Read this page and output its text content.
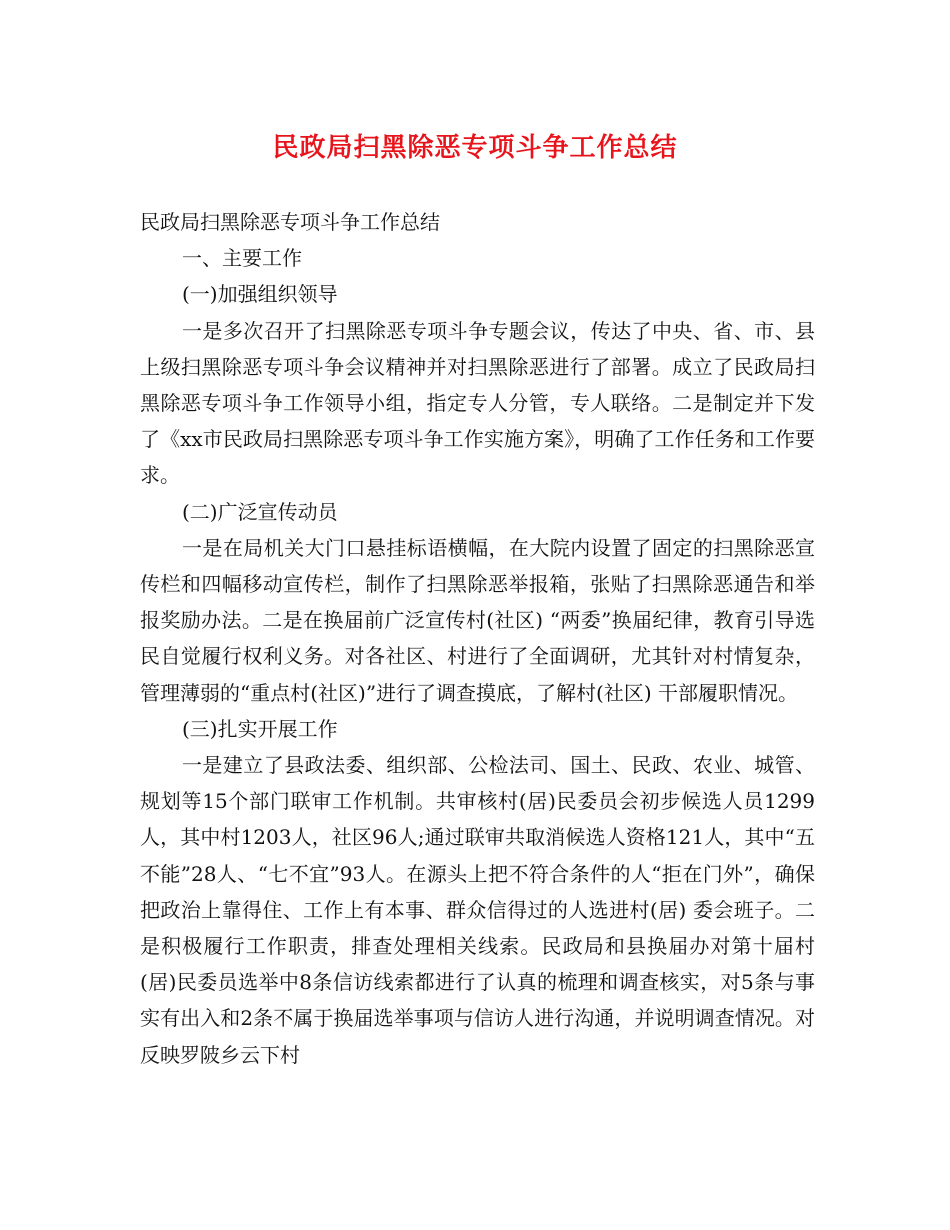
民政局扫黑除恶专项斗争工作总结

民政局扫黑除恶专项斗争工作总结

一、主要工作

(一)加强组织领导

一是多次召开了扫黑除恶专项斗争专题会议，传达了中央、省、市、县上级扫黑除恶专项斗争会议精神并对扫黑除恶进行了部署。成立了民政局扫黑除恶专项斗争工作领导小组，指定专人分管，专人联络。二是制定并下发了《xx市民政局扫黑除恶专项斗争工作实施方案》，明确了工作任务和工作要求。

(二)广泛宣传动员

一是在局机关大门口悬挂标语横幅，在大院内设置了固定的扫黑除恶宣传栏和四幅移动宣传栏，制作了扫黑除恶举报箱，张贴了扫黑除恶通告和举报奖励办法。二是在换届前广泛宣传村(社区) “两委”换届纪律，教育引导选民自觉履行权利义务。对各社区、村进行了全面调研，尤其针对村情复杂，管理薄弱的“重点村(社区)”进行了调查摸底，了解村(社区) 干部履职情况。

(三)扎实开展工作

一是建立了县政法委、组织部、公检法司、国土、民政、农业、城管、规划等15个部门联审工作机制。共审核村(居)民委员会初步候选人员1299人，其中村1203人，社区96人;通过联审共取消候选人资格121人，其中“五不能”28人、“七不宜”93人。在源头上把不符合条件的人“拒在门外”，确保把政治上靠得住、工作上有本事、群众信得过的人选进村(居) 委会班子。二是积极履行工作职责，排查处理相关线索。民政局和县换届办对第十届村(居)民委员选举中8条信访线索都进行了认真的梳理和调查核实，对5条与事实有出入和2条不属于换届选举事项与信访人进行沟通，并说明调查情况。对反映罗陂乡云下村
